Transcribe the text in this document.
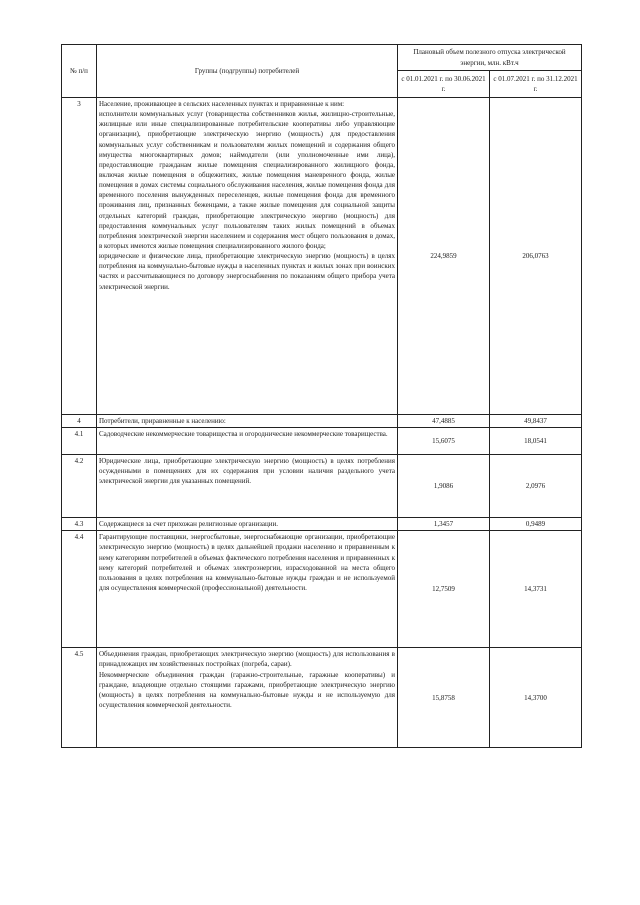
№ п/п	Группы (подгруппы) потребителей	Плановый объем полезного отпуска электрической энергии, млн. кВт.ч	
		с 01.01.2021 г. по 30.06.2021 г.	с 01.07.2021 г. по 31.12.2021 г.
3	Население, проживающее в сельских населенных пунктах и приравненные к ним:
исполнители коммунальных услуг (товарищества собственников жилья, жилищно-строительные, жилищные или иные специализированные потребительские кооперативы либо управляющие организации), приобретающие электрическую энергию (мощность) для предоставления коммунальных услуг собственникам и пользователям жилых помещений и содержания общего имущества многоквартирных домов; наймодатели (или уполномоченные ими лица), предоставляющие гражданам жилые помещения специализированного жилищного фонда, включая жилые помещения в общежитиях, жилые помещения маневренного фонда, жилые помещения в домах системы социального обслуживания населения, жилые помещения фонда для временного поселения вынужденных переселенцев, жилые помещения фонда для временного проживания лиц, признанных беженцами, а также жилые помещения для социальной защиты отдельных категорий граждан, приобретающие электрическую энергию (мощность) для предоставления коммунальных услуг пользователям таких жилых помещений в объемах потребления электрической энергии населением и содержания мест общего пользования в домах, в которых имеются жилые помещения специализированного жилого фонда;
юридические и физические лица, приобретающие электрическую энергию (мощность) в целях потребления на коммунально-бытовые нужды в населенных пунктах и жилых зонах при воинских частях и рассчитывающиеся по договору энергоснабжения по показаниям общего прибора учета электрической энергии.	224,9859	206,0763
4	Потребители, приравненные к населению:	47,4885	49,8437
4.1	Садоводческие некоммерческие товарищества и огороднические некоммерческие товарищества.	15,6075	18,0541
4.2	Юридические лица, приобретающие электрическую энергию (мощность) в целях потребления осужденными в помещениях для их содержания при условии наличия раздельного учета электрической энергии для указанных помещений.	1,9086	2,0976
4.3	Содержащиеся за счет прихожан религиозные организации.	1,3457	0,9489
4.4	Гарантирующие поставщики, энергосбытовые, энергоснабжающие организации, приобретающие электрическую энергию (мощность) в целях дальнейшей продажи населению и приравненным к нему категориям потребителей в объемах фактического потребления населения и приравненных к нему категорий потребителей и объемах электроэнергии, израсходованной на места общего пользования в целях потребления на коммунально-бытовые нужды граждан и не используемой для осуществления коммерческой (профессиональной) деятельности.	12,7509	14,3731
4.5	Объединения граждан, приобретающих электрическую энергию (мощность) для использования в принадлежащих им хозяйственных постройках (погреба, сараи).
Некоммерческие объединения граждан (гаражно-строительные, гаражные кооперативы) и граждане, владеющие отдельно стоящими гаражами, приобретающие электрическую энергию (мощность) в целях потребления на коммунально-бытовые нужды и не используемую для осуществления коммерческой деятельности.	15,8758	14,3700
